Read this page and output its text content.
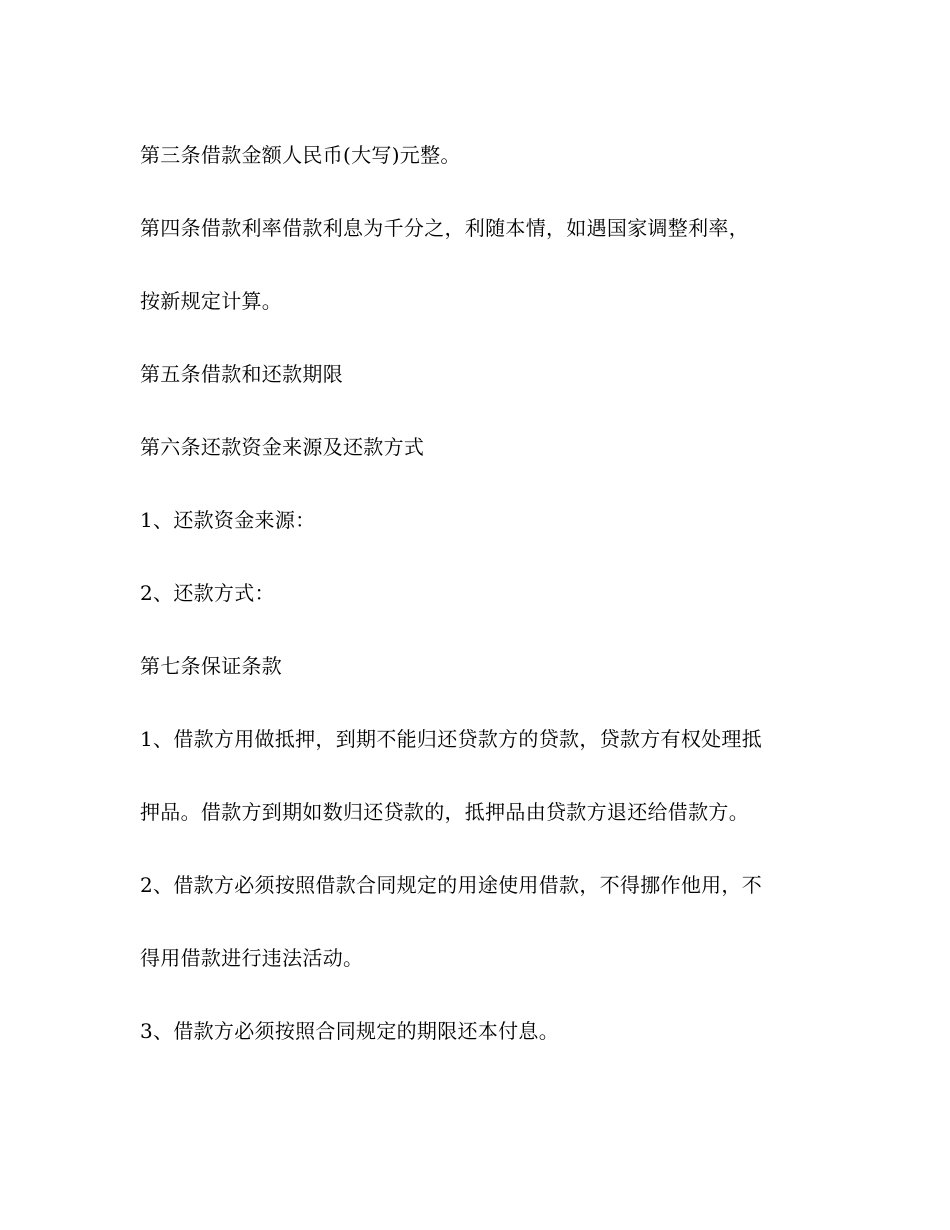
第三条借款金额人民币(大写)元整。
第四条借款利率借款利息为千分之，利随本情，如遇国家调整利率，
按新规定计算。
第五条借款和还款期限
第六条还款资金来源及还款方式
1、还款资金来源：
2、还款方式：
第七条保证条款
1、借款方用做抵押，到期不能归还贷款方的贷款，贷款方有权处理抵
押品。借款方到期如数归还贷款的，抵押品由贷款方退还给借款方。
2、借款方必须按照借款合同规定的用途使用借款，不得挪作他用，不
得用借款进行违法活动。
3、借款方必须按照合同规定的期限还本付息。
